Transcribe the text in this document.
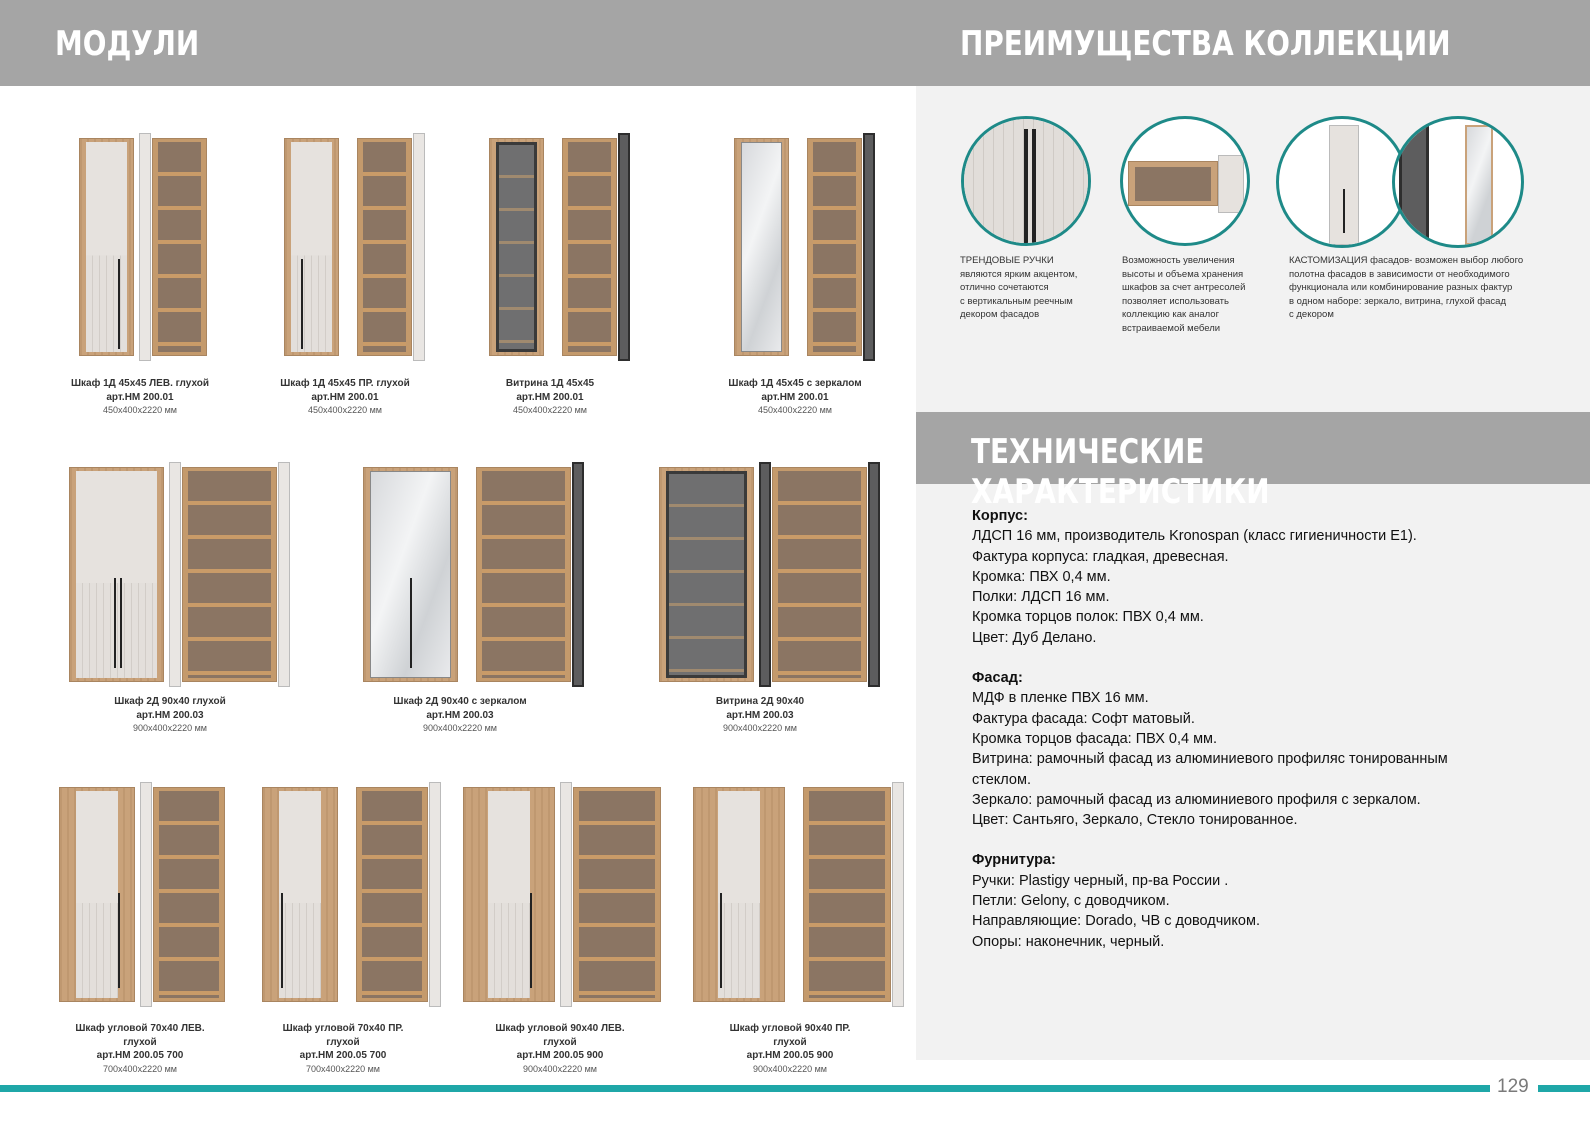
МОДУЛИ	ПРЕИМУЩЕСТВА КОЛЛЕКЦИИ
ТЕХНИЧЕСКИЕ ХАРАКТЕРИСТИКИ
Шкаф 1Д 45х45 ЛЕВ. глухой
арт.НМ 200.01
450x400x2220 мм
Шкаф 1Д 45х45 ПР. глухой
арт.НМ 200.01
450x400x2220 мм
Витрина 1Д 45х45
арт.НМ 200.01
450x400x2220 мм
Шкаф 1Д 45х45 с зеркалом
арт.НМ 200.01
450x400x2220 мм
Шкаф 2Д 90х40 глухой
арт.НМ 200.03
900x400x2220 мм
Шкаф 2Д 90х40 с зеркалом
арт.НМ 200.03
900x400x2220 мм
Витрина 2Д 90х40
арт.НМ 200.03
900x400x2220 мм
Шкаф угловой 70х40 ЛЕВ.
глухой
арт.НМ 200.05 700
700x400x2220 мм
Шкаф угловой 70х40 ПР.
глухой
арт.НМ 200.05 700
700x400x2220 мм
Шкаф угловой 90х40 ЛЕВ.
глухой
арт.НМ 200.05 900
900x400x2220 мм
Шкаф угловой 90х40 ПР.
глухой
арт.НМ 200.05 900
900x400x2220 мм
ТРЕНДОВЫЕ РУЧКИ
являются ярким акцентом,
отлично сочетаются
с вертикальным реечным
декором фасадов
Возможность увеличения
высоты и объема хранения
шкафов за счет антресолей
позволяет использовать
коллекцию как аналог
встраиваемой мебели
КАСТОМИЗАЦИЯ фасадов- возможен выбор любого
полотна фасадов в зависимости от необходимого
функционала или комбинирование разных фактур
в одном наборе: зеркало, витрина, глухой фасад
с декором
Корпус:
ЛДСП 16 мм, производитель Kronospan (класс гигиеничности Е1).
Фактура корпуса: гладкая, древесная.
Кромка: ПВХ 0,4 мм.
Полки: ЛДСП 16 мм.
Кромка торцов полок: ПВХ 0,4 мм.
Цвет: Дуб Делано.
Фасад:
МДФ в пленке ПВХ 16 мм.
Фактура фасада: Софт матовый.
Кромка торцов фасада: ПВХ 0,4 мм.
Витрина: рамочный фасад из алюминиевого профиляс тонированным
стеклом.
Зеркало: рамочный фасад из алюминиевого профиля с зеркалом.
Цвет: Сантьяго, Зеркало, Стекло тонированное.
Фурнитура:
Ручки: Plastigy черный, пр-ва России .
Петли: Gelony, с доводчиком.
Направляющие: Dorado, ЧВ с доводчиком.
Опоры: наконечник, черный.
129
